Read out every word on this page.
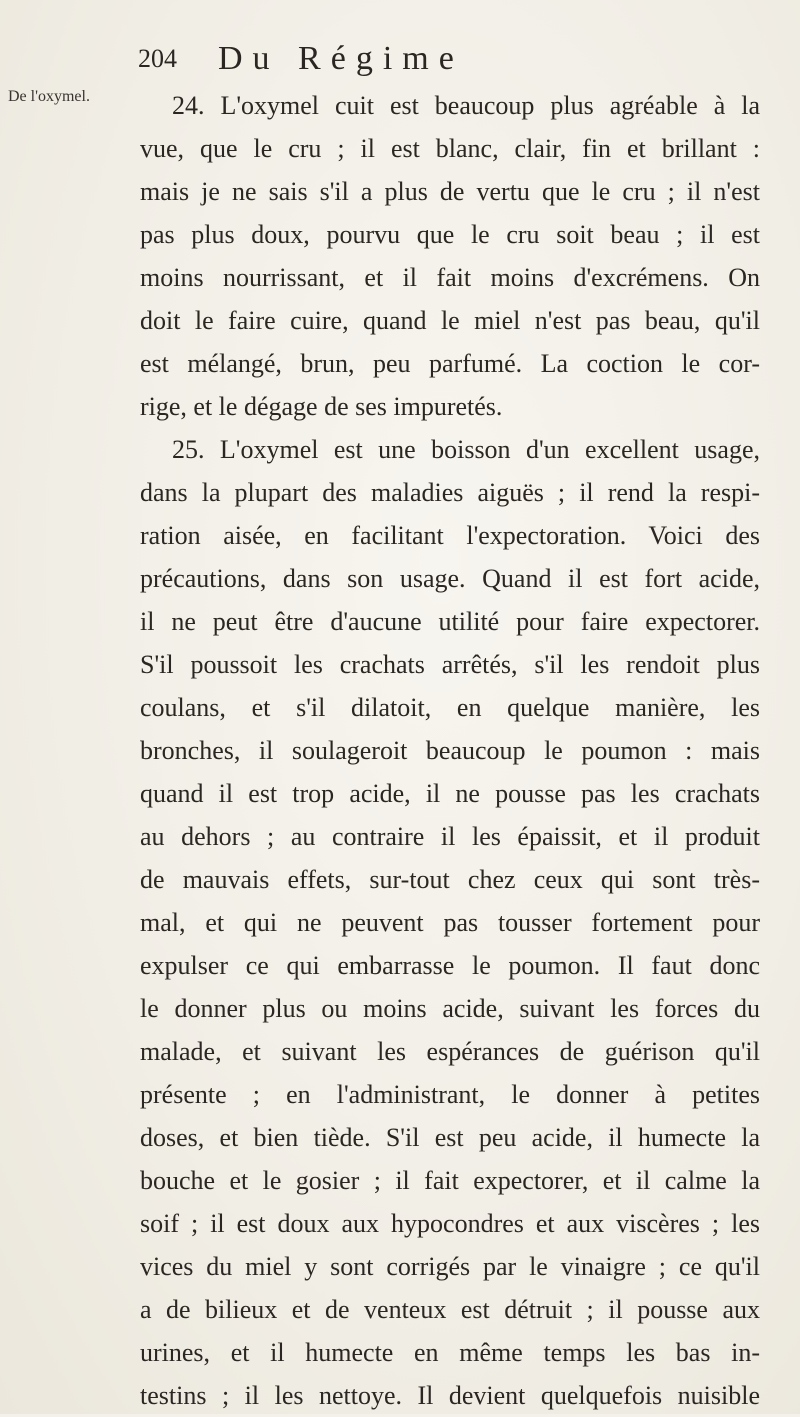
204 Du Régime
De l'oxymel.	24. L'oxymel cuit est beaucoup plus agréable à la
vue, que le cru ; il est blanc, clair, fin et brillant :
mais je ne sais s'il a plus de vertu que le cru ; il n'est
pas plus doux, pourvu que le cru soit beau ; il est
moins nourrissant, et il fait moins d'excrémens. On
doit le faire cuire, quand le miel n'est pas beau, qu'il
est mélangé, brun, peu parfumé. La coction le cor-
rige, et le dégage de ses impuretés.
25. L'oxymel est une boisson d'un excellent usage,
dans la plupart des maladies aiguës ; il rend la respi-
ration aisée, en facilitant l'expectoration. Voici des
précautions, dans son usage. Quand il est fort acide,
il ne peut être d'aucune utilité pour faire expectorer.
S'il poussoit les crachats arrêtés, s'il les rendoit plus
coulans, et s'il dilatoit, en quelque manière, les
bronches, il soulageroit beaucoup le poumon : mais
quand il est trop acide, il ne pousse pas les crachats
au dehors ; au contraire il les épaissit, et il produit
de mauvais effets, sur-tout chez ceux qui sont très-
mal, et qui ne peuvent pas tousser fortement pour
expulser ce qui embarrasse le poumon. Il faut donc
le donner plus ou moins acide, suivant les forces du
malade, et suivant les espérances de guérison qu'il
présente ; en l'administrant, le donner à petites
doses, et bien tiède. S'il est peu acide, il humecte la
bouche et le gosier ; il fait expectorer, et il calme la
soif ; il est doux aux hypocondres et aux viscères ; les
vices du miel y sont corrigés par le vinaigre ; ce qu'il
a de bilieux et de venteux est détruit ; il pousse aux
urines, et il humecte en même temps les bas in-
testins ; il les nettoye. Il devient quelquefois nuisible
